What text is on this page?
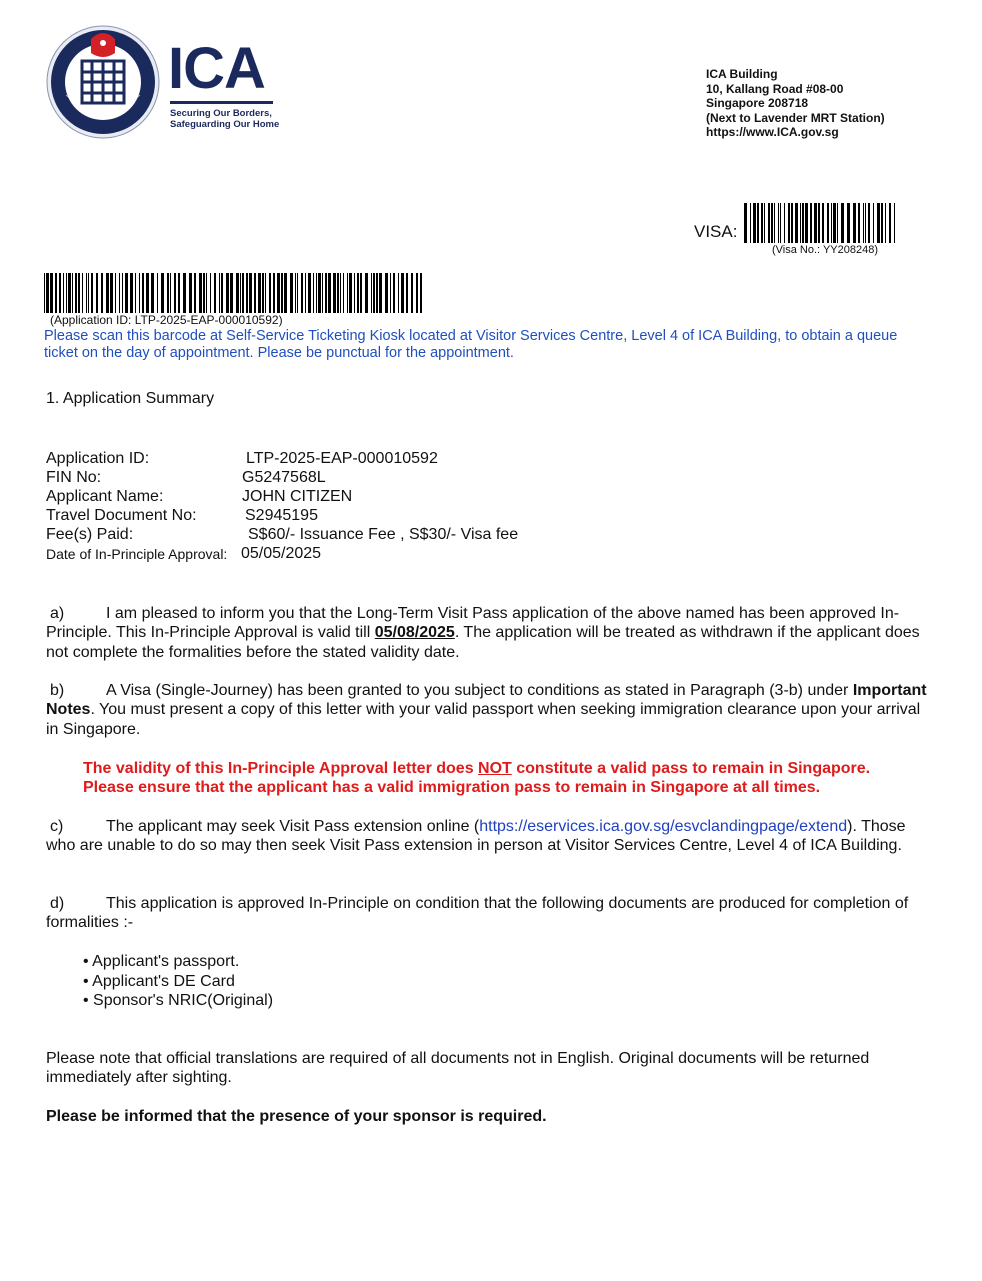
ICA
Securing Our Borders,
Safeguarding Our Home
ICA Building
10, Kallang Road #08-00
Singapore 208718
(Next to Lavender MRT Station)
https://www.ICA.gov.sg
VISA:
(Visa No.: YY208248)
(Application ID: LTP-2025-EAP-000010592)
Please scan this barcode at Self-Service Ticketing Kiosk located at Visitor Services Centre, Level 4 of ICA Building, to obtain a queue ticket on the day of appointment. Please be punctual for the appointment.
1. Application Summary
Application ID:	LTP-2025-EAP-000010592
FIN No:	G5247568L
Applicant Name:	JOHN CITIZEN
Travel Document No:	S2945195
Fee(s) Paid:	S$60/- Issuance Fee , S$30/- Visa fee
Date of In-Principle Approval: 05/05/2025
a)	I am pleased to inform you that the Long-Term Visit Pass application of the above named has been approved In-Principle. This In-Principle Approval is valid till 05/08/2025. The application will be treated as withdrawn if the applicant does not complete the formalities before the stated validity date.
b)	A Visa (Single-Journey) has been granted to you subject to conditions as stated in Paragraph (3-b) under Important Notes. You must present a copy of this letter with your valid passport when seeking immigration clearance upon your arrival in Singapore.
The validity of this In-Principle Approval letter does NOT constitute a valid pass to remain in Singapore.
Please ensure that the applicant has a valid immigration pass to remain in Singapore at all times.
c)	The applicant may seek Visit Pass extension online (https://eservices.ica.gov.sg/esvclandingpage/extend). Those who are unable to do so may then seek Visit Pass extension in person at Visitor Services Centre, Level 4 of ICA Building.
d)	This application is approved In-Principle on condition that the following documents are produced for completion of formalities :-
• Applicant's passport.
• Applicant's DE Card
• Sponsor's NRIC(Original)
Please note that official translations are required of all documents not in English. Original documents will be returned immediately after sighting.
Please be informed that the presence of your sponsor is required.
